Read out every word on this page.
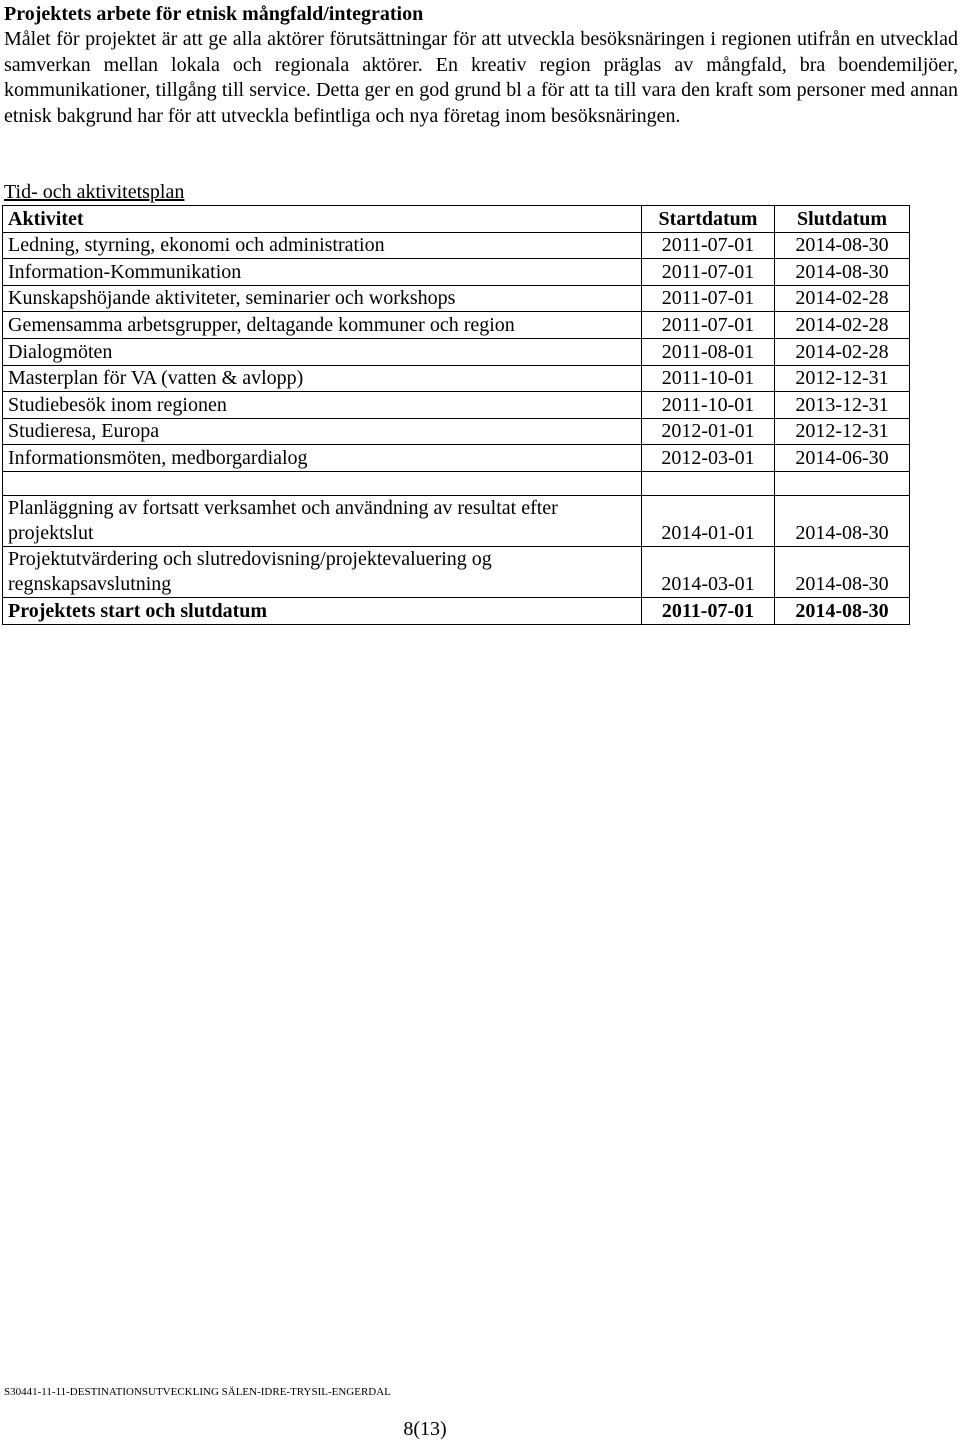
Projektets arbete för etnisk mångfald/integration

Målet för projektet är att ge alla aktörer förutsättningar för att utveckla besöksnäringen i regionen utifrån en utvecklad samverkan mellan lokala och regionala aktörer. En kreativ region präglas av mångfald, bra boendemiljöer, kommunikationer, tillgång till service. Detta ger en god grund bl a för att ta till vara den kraft som personer med annan etnisk bakgrund har för att utveckla befintliga och nya företag inom besöksnäringen.

Tid- och aktivitetsplan
Aktivitet	Startdatum	Slutdatum
Ledning, styrning, ekonomi och administration	2011-07-01	2014-08-30
Information-Kommunikation	2011-07-01	2014-08-30
Kunskapshöjande aktiviteter, seminarier och workshops	2011-07-01	2014-02-28
Gemensamma arbetsgrupper, deltagande kommuner och region	2011-07-01	2014-02-28
Dialogmöten	2011-08-01	2014-02-28
Masterplan för VA (vatten & avlopp)	2011-10-01	2012-12-31
Studiebesök inom regionen	2011-10-01	2013-12-31
Studieresa, Europa	2012-01-01	2012-12-31
Informationsmöten, medborgardialog	2012-03-01	2014-06-30

Planläggning av fortsatt verksamhet och användning av resultat efter projektslut	2014-01-01	2014-08-30
Projektutvärdering och slutredovisning/projektevaluering og regnskapsavslutning	2014-03-01	2014-08-30
Projektets start och slutdatum	2011-07-01	2014-08-30
S30441-11-11-DESTINATIONSUTVECKLING SÄLEN-IDRE-TRYSIL-ENGERDAL
8(13)
